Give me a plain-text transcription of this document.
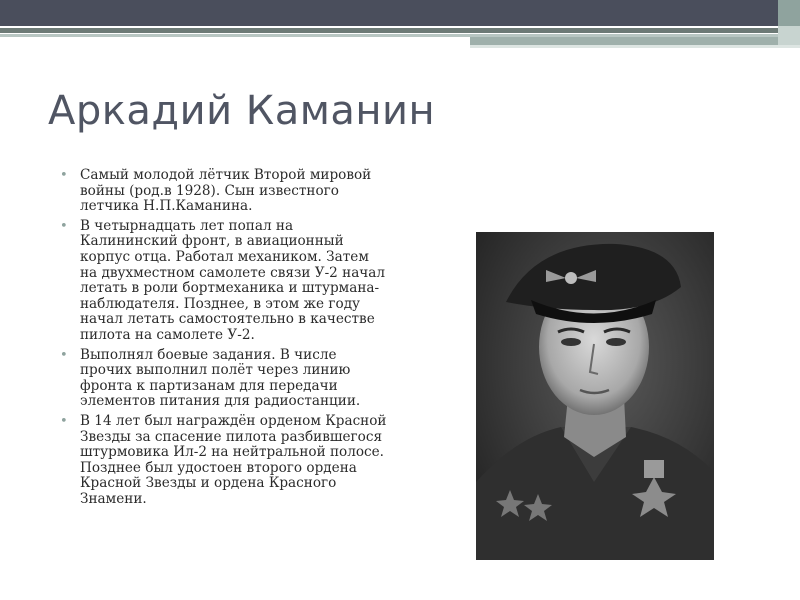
Аркадий Каманин
• Самый молодой лётчик Второй мировой войны (род.в 1928). Сын известного летчика Н.П.Каманина.
• В четырнадцать лет попал на Калининский фронт, в авиационный корпус отца. Работал механиком. Затем на двухместном самолете связи У-2 начал летать в роли бортмеханика и штурмана-наблюдателя. Позднее, в этом же году начал летать самостоятельно в качестве пилота на самолете У-2.
• Выполнял боевые задания. В числе прочих выполнил полёт через линию фронта к партизанам для передачи элементов питания для радиостанции.
• В 14 лет был награждён орденом Красной Звезды за спасение пилота разбившегося штурмовика Ил-2 на нейтральной полосе. Позднее был удостоен второго ордена Красной Звезды и ордена Красного Знамени.
